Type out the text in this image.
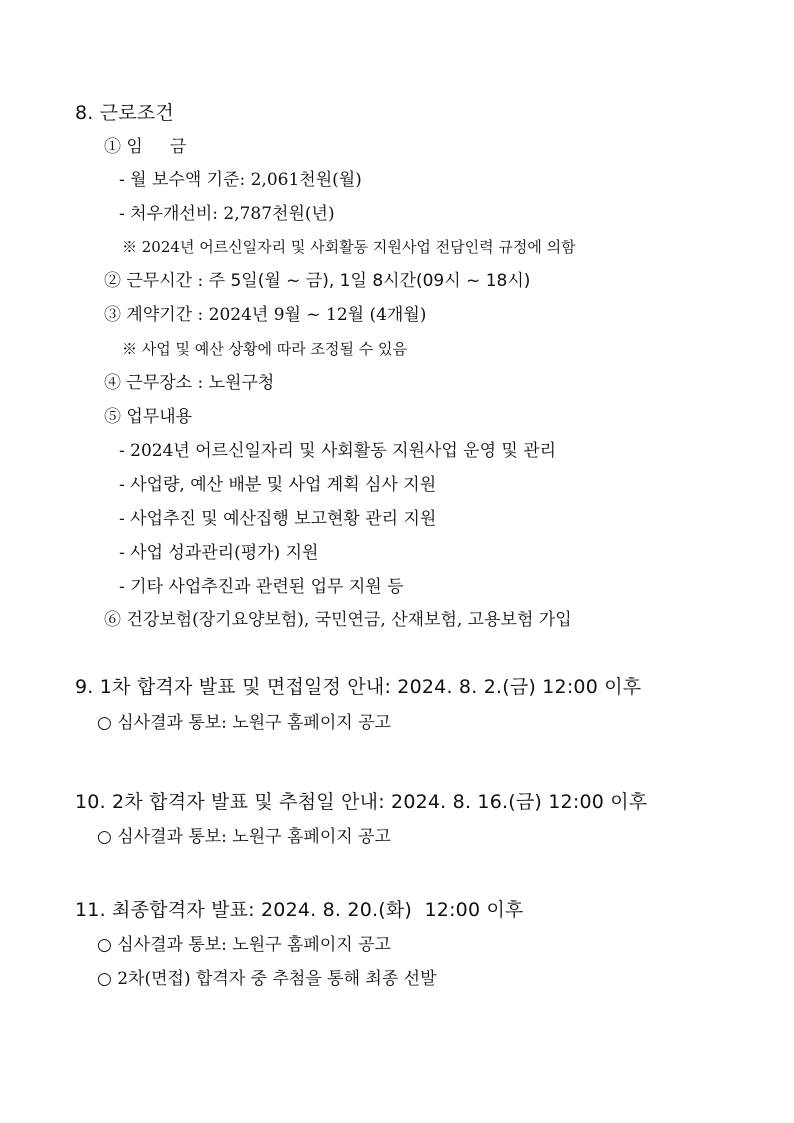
8. 근로조건
① 임     금
- 월 보수액 기준: 2,061천원(월)
- 처우개선비: 2,787천원(년)
※ 2024년 어르신일자리 및 사회활동 지원사업 전담인력 규정에 의함
② 근무시간 : 주 5일(월 ~ 금), 1일 8시간(09시 ~ 18시)
③ 계약기간 : 2024년 9월 ~ 12월 (4개월)
※ 사업 및 예산 상황에 따라 조정될 수 있음
④ 근무장소 : 노원구청
⑤ 업무내용
- 2024년 어르신일자리 및 사회활동 지원사업 운영 및 관리
- 사업량, 예산 배분 및 사업 계획 심사 지원
- 사업추진 및 예산집행 보고현황 관리 지원
- 사업 성과관리(평가) 지원
- 기타 사업추진과 관련된 업무 지원 등
⑥ 건강보험(장기요양보험), 국민연금, 산재보험, 고용보험 가입
9. 1차 합격자 발표 및 면접일정 안내: 2024. 8. 2.(금) 12:00 이후
○ 심사결과 통보: 노원구 홈페이지 공고
10. 2차 합격자 발표 및 추첨일 안내: 2024. 8. 16.(금) 12:00 이후
○ 심사결과 통보: 노원구 홈페이지 공고
11. 최종합격자 발표: 2024. 8. 20.(화)  12:00 이후
○ 심사결과 통보: 노원구 홈페이지 공고
○ 2차(면접) 합격자 중 추첨을 통해 최종 선발
